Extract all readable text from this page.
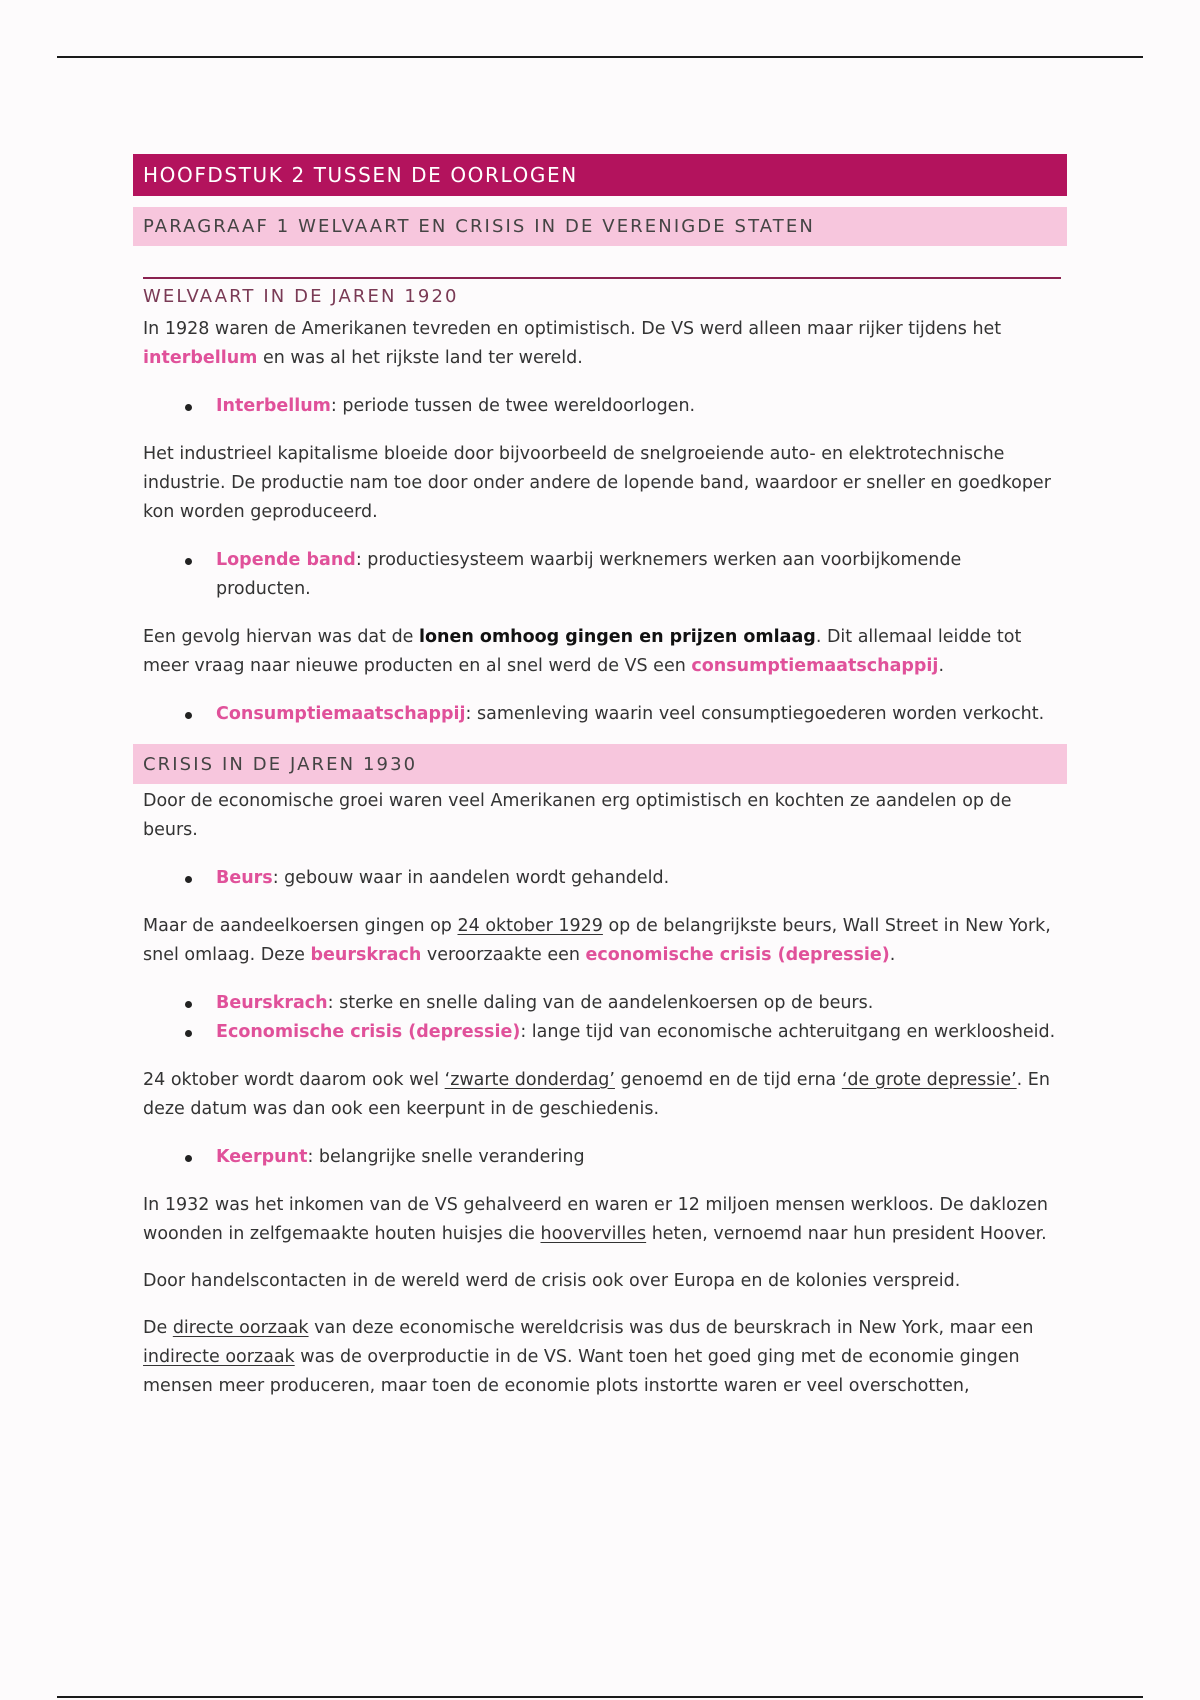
HOOFDSTUK 2 TUSSEN DE OORLOGEN
PARAGRAAF 1 WELVAART EN CRISIS IN DE VERENIGDE STATEN
WELVAART IN DE JAREN 1920

In 1928 waren de Amerikanen tevreden en optimistisch. De VS werd alleen maar rijker tijdens het interbellum en was al het rijkste land ter wereld.

Interbellum: periode tussen de twee wereldoorlogen.

Het industrieel kapitalisme bloeide door bijvoorbeeld de snelgroeiende auto- en elektrotechnische industrie. De productie nam toe door onder andere de lopende band, waardoor er sneller en goedkoper kon worden geproduceerd.

Lopende band: productiesysteem waarbij werknemers werken aan voorbijkomende producten.

Een gevolg hiervan was dat de lonen omhoog gingen en prijzen omlaag. Dit allemaal leidde tot meer vraag naar nieuwe producten en al snel werd de VS een consumptiemaatschappij.

Consumptiemaatschappij: samenleving waarin veel consumptiegoederen worden verkocht.
CRISIS IN DE JAREN 1930

Door de economische groei waren veel Amerikanen erg optimistisch en kochten ze aandelen op de beurs.

Beurs: gebouw waar in aandelen wordt gehandeld.

Maar de aandeelkoersen gingen op 24 oktober 1929 op de belangrijkste beurs, Wall Street in New York, snel omlaag. Deze beurskrach veroorzaakte een economische crisis (depressie).

Beurskrach: sterke en snelle daling van de aandelenkoersen op de beurs.
Economische crisis (depressie): lange tijd van economische achteruitgang en werkloosheid.

24 oktober wordt daarom ook wel ‘zwarte donderdag’ genoemd en de tijd erna ‘de grote depressie’. En deze datum was dan ook een keerpunt in de geschiedenis.

Keerpunt: belangrijke snelle verandering

In 1932 was het inkomen van de VS gehalveerd en waren er 12 miljoen mensen werkloos. De daklozen woonden in zelfgemaakte houten huisjes die hoovervilles heten, vernoemd naar hun president Hoover.

Door handelscontacten in de wereld werd de crisis ook over Europa en de kolonies verspreid.

De directe oorzaak van deze economische wereldcrisis was dus de beurskrach in New York, maar een indirecte oorzaak was de overproductie in de VS. Want toen het goed ging met de economie gingen mensen meer produceren, maar toen de economie plots instortte waren er veel overschotten,
